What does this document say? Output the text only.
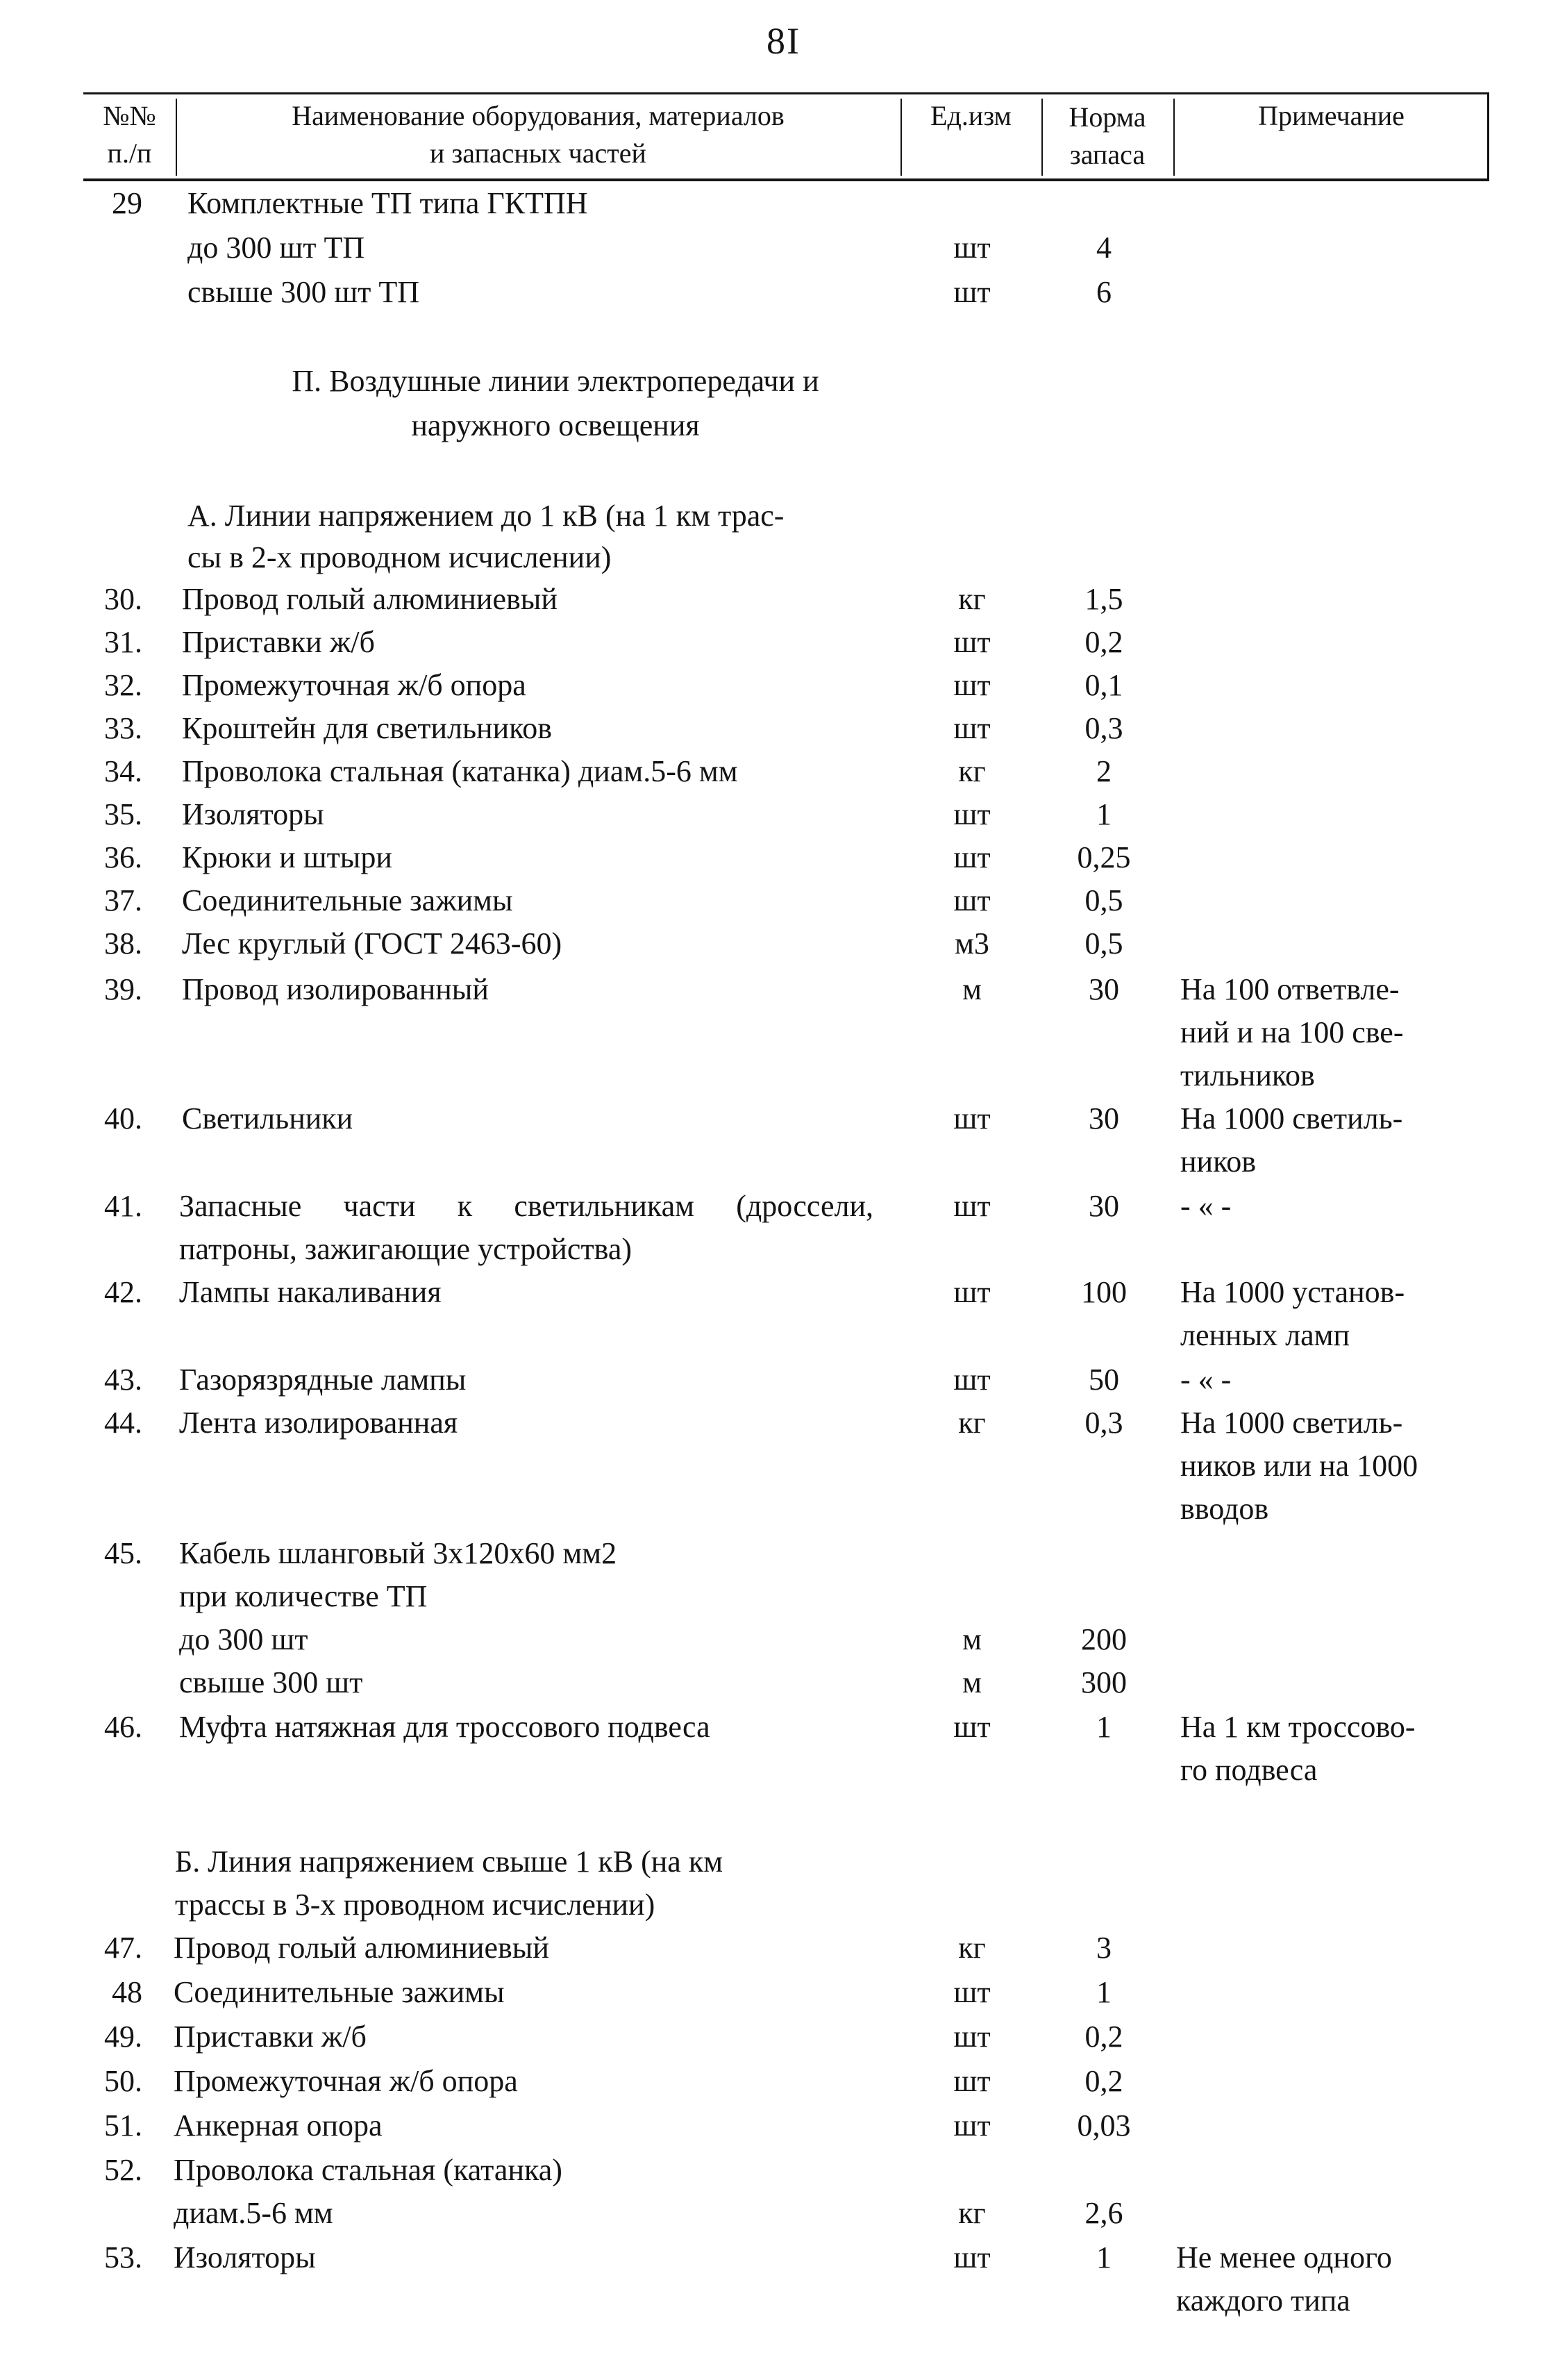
8I
№№
п./п
Наименование оборудования, материалов
и запасных частей
Ед.изм	Норма
запаса
Примечание
29 Комплектные ТП типа ГКТПН
до 300 шт ТП	шт	4
свыше 300 шт ТП	шт	6
П. Воздушные линии электропередачи и
наружного освещения
А. Линии напряжением до 1 кВ (на 1 км трас-
сы в 2-х проводном исчислении)
30. Провод голый алюминиевый	кг	1,5
31. Приставки ж/б	шт	0,2
32. Промежуточная ж/б опора	шт	0,1
33. Кроштейн для светильников	шт	0,3
34. Проволока стальная (катанка) диам.5-6 мм	кг	2
35. Изоляторы	шт	1
36. Крюки и штыри	шт	0,25
37. Соединительные зажимы	шт	0,5
38. Лес круглый (ГОСТ 2463-60)	м3	0,5
39. Провод изолированный	м	30	На 100 ответвле-
ний и на 100 све-
тильников
40. Светильники	шт	30	На 1000 светиль-
ников
41. Запасные части к светильникам (дроссели,	шт	30	- « -
патроны, зажигающие устройства)
42. Лампы накаливания	шт	100	На 1000 установ-
ленных ламп
43. Газорязрядные лампы	шт	50	- « -
44. Лента изолированная	кг	0,3	На 1000 светиль-
ников или на 1000
вводов
45. Кабель шланговый 3х120х60 мм2
при количестве ТП
до 300 шт	м	200
свыше 300 шт	м	300
46. Муфта натяжная для троссового подвеса	шт	1	На 1 км троссово-
го подвеса
Б. Линия напряжением свыше 1 кВ (на км
трассы в 3-х проводном исчислении)
47. Провод голый алюминиевый	кг	3
48 Соединительные зажимы	шт	1
49. Приставки ж/б	шт	0,2
50. Промежуточная ж/б опора	шт	0,2
51. Анкерная опора	шт	0,03
52. Проволока стальная (катанка)
диам.5-6 мм	кг	2,6
53. Изоляторы	шт	1	Не менее одного
каждого типа
